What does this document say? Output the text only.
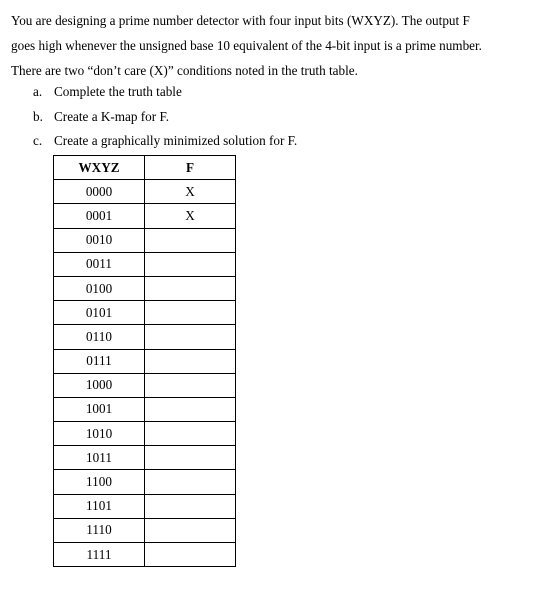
You are designing a prime number detector with four input bits (WXYZ). The output F

goes high whenever the unsigned base 10 equivalent of the 4-bit input is a prime number.

There are two “don’t care (X)” conditions noted in the truth table.

a. Complete the truth table
b. Create a K-map for F.
c. Create a graphically minimized solution for F.
WXYZ	F
0000	X
0001	X
0010	
0011	
0100	
0101	
0110	
0111	
1000	
1001	
1010	
1011	
1100	
1101	
1110	
1111	
